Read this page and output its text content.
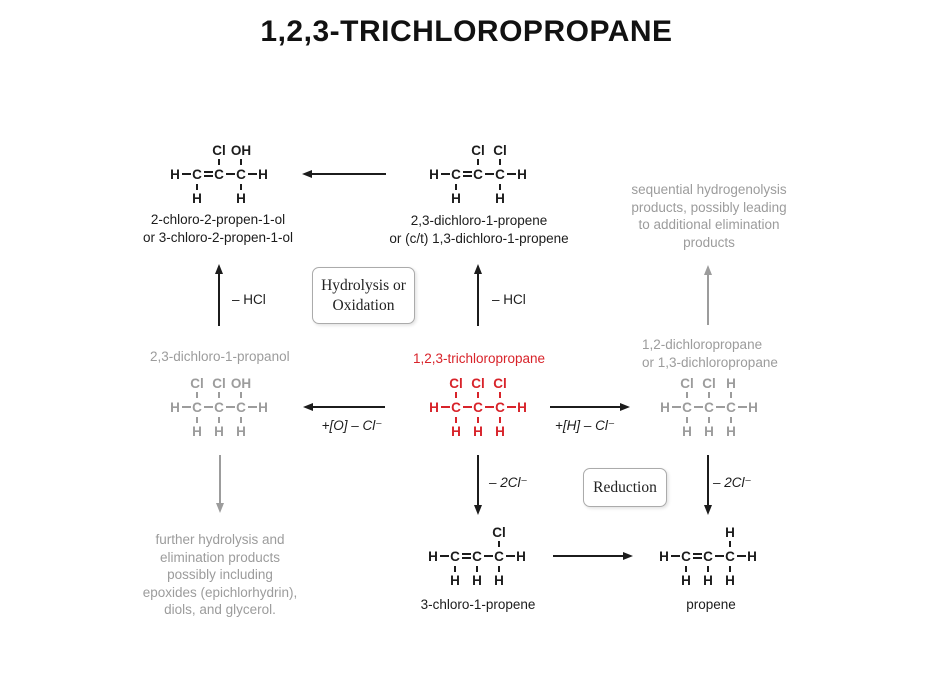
1,2,3-TRICHLOROPROPANE
2-chloro-2-propen-1-ol
or 3-chloro-2-propen-1-ol
2,3-dichloro-1-propene
or (c/t) 1,3-dichloro-1-propene
sequential hydrogenolysis
products, possibly leading
to additional elimination
products
2,3-dichloro-1-propanol	1,2,3-trichloropropane
1,2-dichloropropane
or 1,3-dichloropropane
further hydrolysis and
elimination products
possibly including
epoxides (epichlorhydrin),
diols, and glycerol.	3-chloro-1-propene	propene
– HCl	– HCl
+[O] – Cl⁻	+[H] – Cl⁻
– 2Cl⁻	– 2Cl⁻
Hydrolysis or
Oxidation
Reduction
Cl OH
H C C C H
H	H
Cl Cl
H C C C H
H	H
Cl Cl OH
H C C C H
H H H
Cl Cl Cl
H C C C H
H H H
Cl Cl H
H C C C H
H H H
Cl
H C C C H
H H H
H
H C C C H
H H H
